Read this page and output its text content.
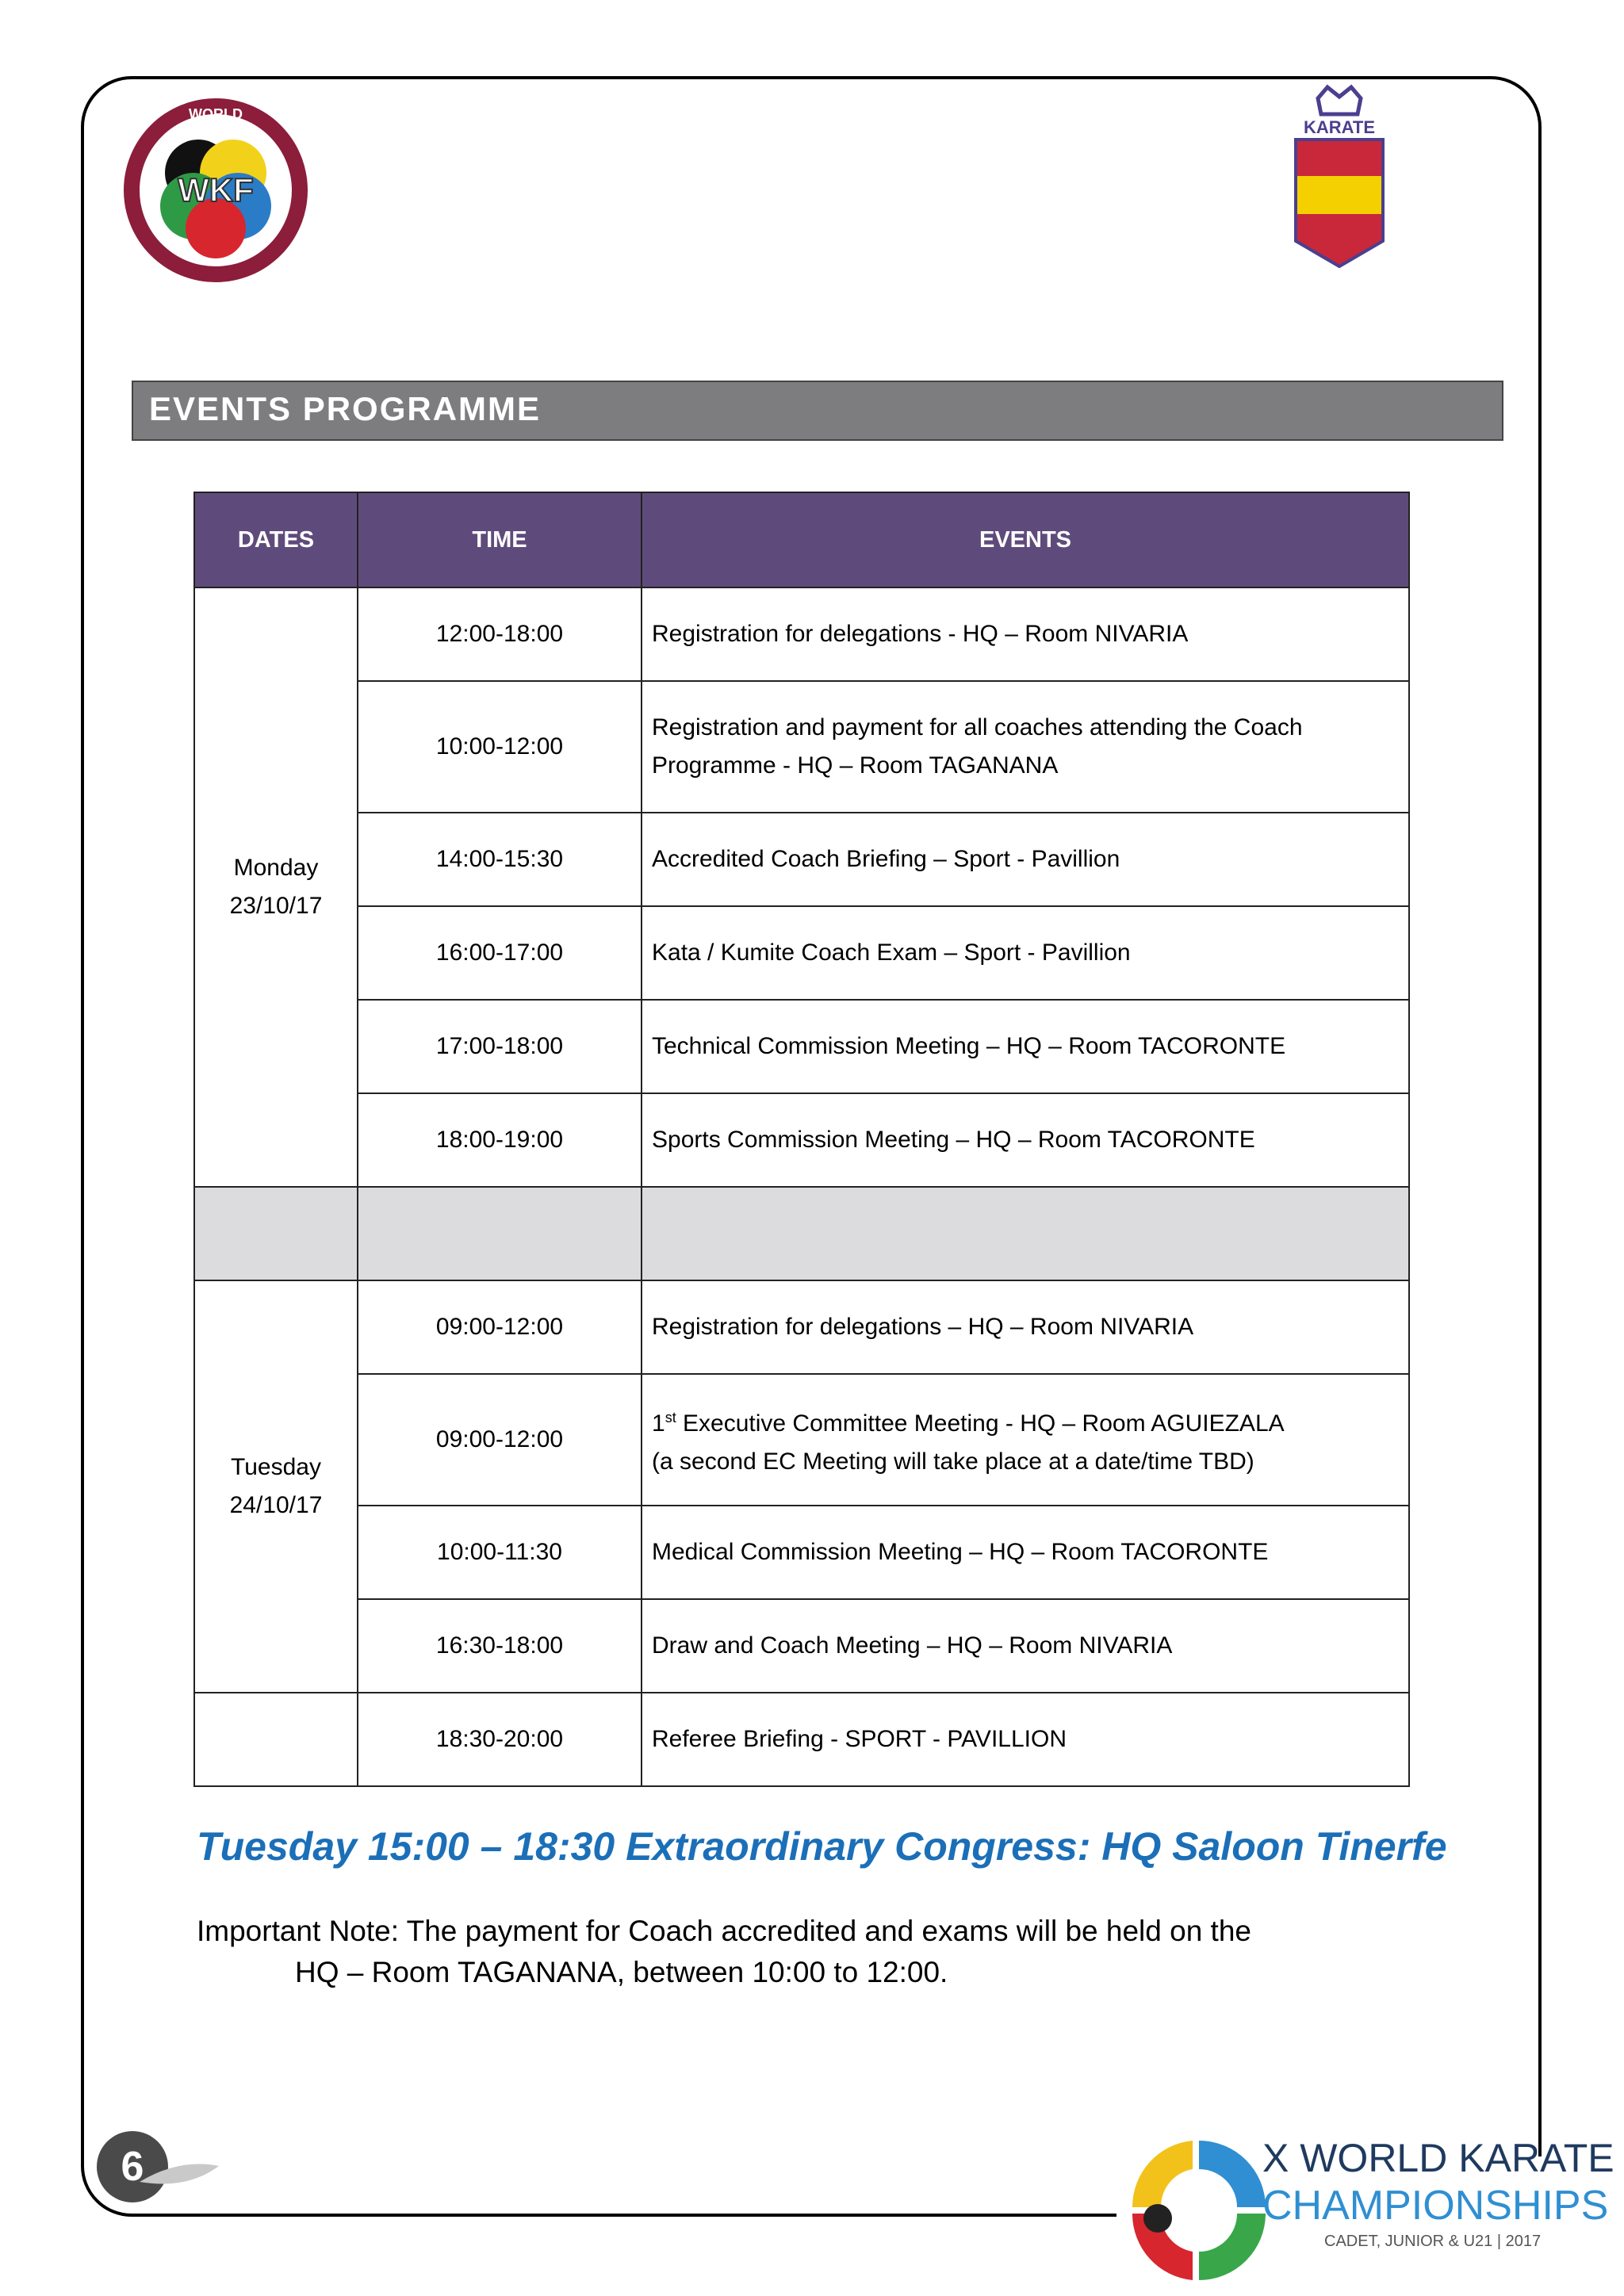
WKF
WORLD
KARATE
EVENTS PROGRAMME
DATES	TIME	EVENTS
Monday
23/10/17	12:00-18:00	Registration for delegations - HQ – Room NIVARIA
	10:00-12:00	Registration and payment for all coaches attending the Coach
Programme - HQ – Room TAGANANA
	14:00-15:30	Accredited Coach Briefing – Sport - Pavillion
	16:00-17:00	Kata / Kumite Coach Exam – Sport - Pavillion
	17:00-18:00	Technical Commission Meeting – HQ – Room TACORONTE
	18:00-19:00	Sports Commission Meeting – HQ – Room TACORONTE

Tuesday
24/10/17	09:00-12:00	Registration for delegations – HQ – Room NIVARIA
	09:00-12:00	1st Executive Committee Meeting - HQ – Room AGUIEZALA
(a second EC Meeting will take place at a date/time TBD)
	10:00-11:30	Medical Commission Meeting – HQ – Room TACORONTE
	16:30-18:00	Draw and Coach Meeting – HQ – Room NIVARIA
	18:30-20:00	Referee Briefing - SPORT - PAVILLION
Tuesday 15:00 – 18:30 Extraordinary Congress: HQ Saloon Tinerfe
Important Note: The payment for Coach accredited and exams will be held on the
HQ – Room TAGANANA, between 10:00 to 12:00.
6	X WORLD KARATE
CHAMPIONSHIPS
CADET, JUNIOR & U21 | 2017
